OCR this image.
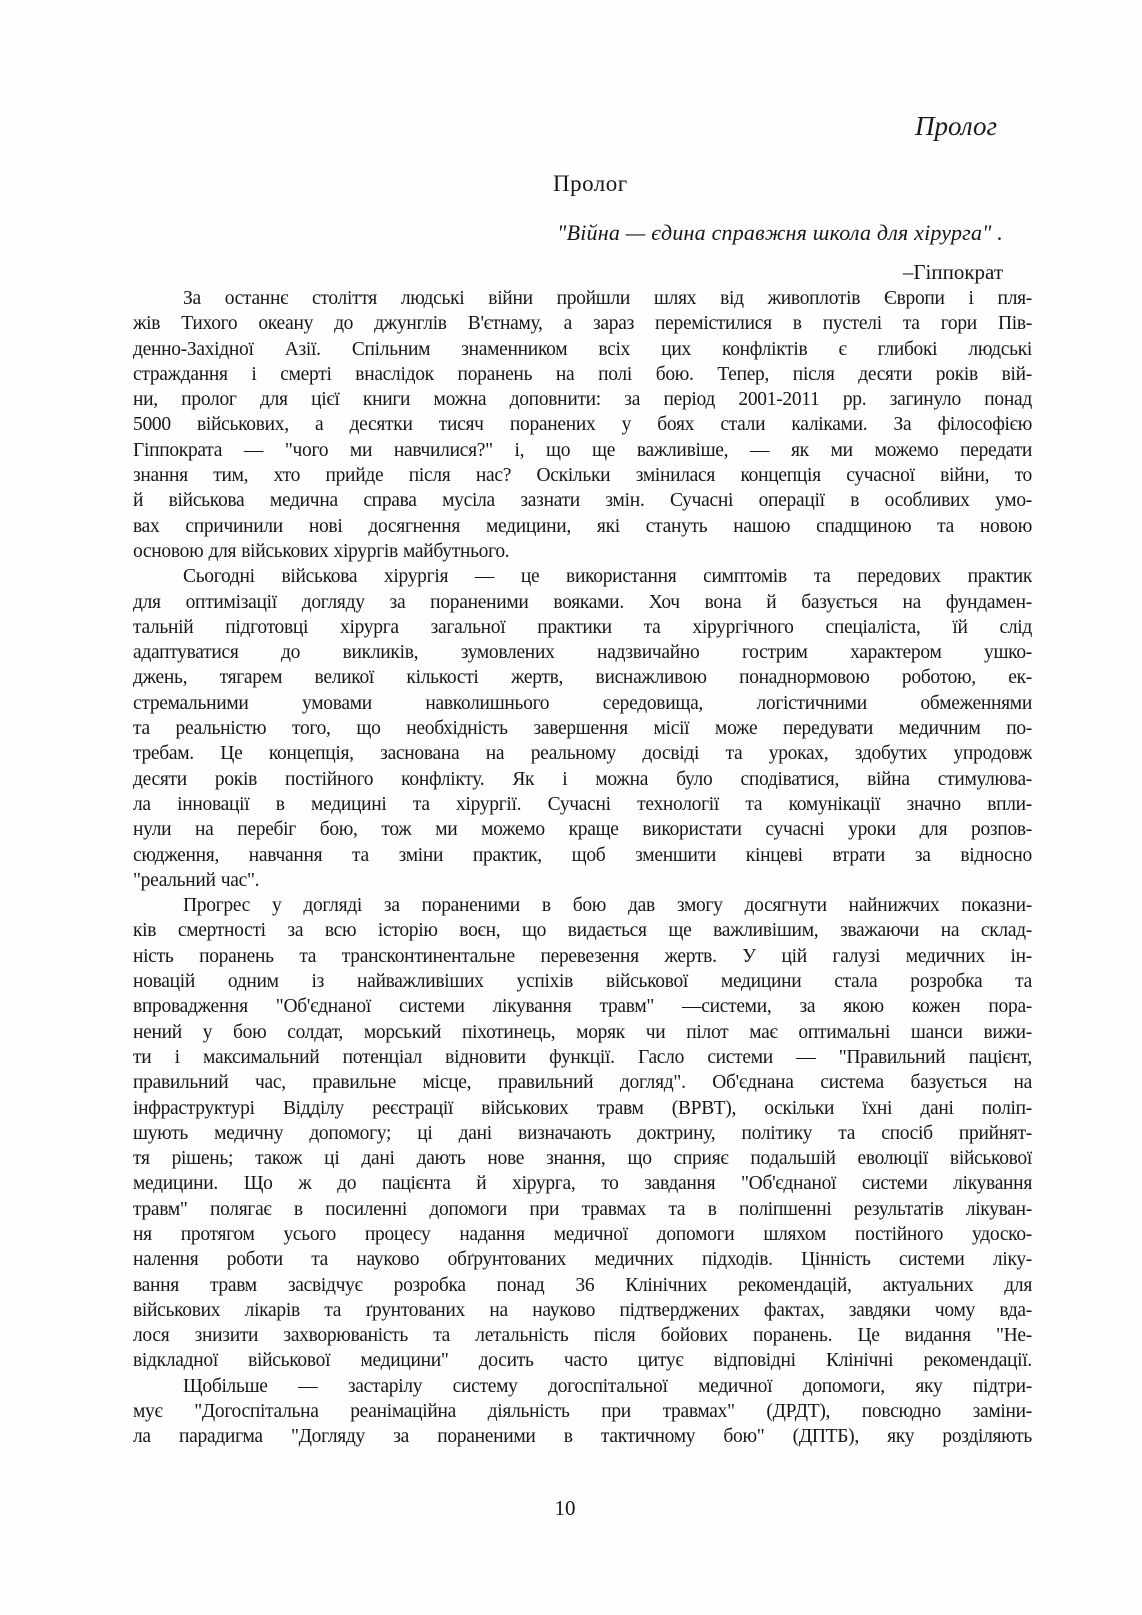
Пролог
Пролог
"Війна — єдина справжня школа для хірурга" .
–Гіппократ
За останнє століття людські війни пройшли шлях від живоплотів Європи і пля-
жів Тихого океану до джунглів В'єтнаму, а зараз перемістилися в пустелі та гори Пів-
денно-Західної Азії. Спільним знаменником всіх цих конфліктів є глибокі людські
страждання і смерті внаслідок поранень на полі бою. Тепер, після десяти років вій-
ни, пролог для цієї книги можна доповнити: за період 2001-2011 рр. загинуло понад
5000 військових, а десятки тисяч поранених у боях стали каліками. За філософією
Гіппократа — "чого ми навчилися?" і, що ще важливіше, — як ми можемо передати
знання тим, хто прийде після нас? Оскільки змінилася концепція сучасної війни, то
й військова медична справа мусіла зазнати змін. Сучасні операції в особливих умо-
вах спричинили нові досягнення медицини, які стануть нашою спадщиною та новою
основою для військових хірургів майбутнього.
Сьогодні військова хірургія — це використання симптомів та передових практик
для оптимізації догляду за пораненими вояками. Хоч вона й базується на фундамен-
тальній підготовці хірурга загальної практики та хірургічного спеціаліста, їй слід
адаптуватися до викликів, зумовлених надзвичайно гострим характером ушко-
джень, тягарем великої кількості жертв, виснажливою понаднормовою роботою, ек-
стремальними умовами навколишнього середовища, логістичними обмеженнями
та реальністю того, що необхідність завершення місії може передувати медичним по-
требам. Це концепція, заснована на реальному досвіді та уроках, здобутих упродовж
десяти років постійного конфлікту. Як і можна було сподіватися, війна стимулюва-
ла інновації в медицині та хірургії. Сучасні технології та комунікації значно впли-
нули на перебіг бою, тож ми можемо краще використати сучасні уроки для розпов-
сюдження, навчання та зміни практик, щоб зменшити кінцеві втрати за відносно
"реальний час".
Прогрес у догляді за пораненими в бою дав змогу досягнути найнижчих показни-
ків смертності за всю історію воєн, що видається ще важливішим, зважаючи на склад-
ність поранень та трансконтинентальне перевезення жертв. У цій галузі медичних ін-
новацій одним із найважливіших успіхів військової медицини стала розробка та
впровадження "Об'єднаної системи лікування травм" —системи, за якою кожен пора-
нений у бою солдат, морський піхотинець, моряк чи пілот має оптимальні шанси вижи-
ти і максимальний потенціал відновити функції. Гасло системи — "Правильний пацієнт,
правильний час, правильне місце, правильний догляд". Об'єднана система базується на
інфраструктурі Відділу реєстрації військових травм (ВРВТ), оскільки їхні дані поліп-
шують медичну допомогу; ці дані визначають доктрину, політику та спосіб прийнят-
тя рішень; також ці дані дають нове знання, що сприяє подальшій еволюції військової
медицини. Що ж до пацієнта й хірурга, то завдання "Об'єднаної системи лікування
травм" полягає в посиленні допомоги при травмах та в поліпшенні результатів лікуван-
ня протягом усього процесу надання медичної допомоги шляхом постійного удоско-
налення роботи та науково обґрунтованих медичних підходів. Цінність системи ліку-
вання травм засвідчує розробка понад 36 Клінічних рекомендацій, актуальних для
військових лікарів та ґрунтованих на науково підтверджених фактах, завдяки чому вда-
лося знизити захворюваність та летальність після бойових поранень. Це видання "Не-
відкладної військової медицини" досить часто цитує відповідні Клінічні рекомендації.
Щобільше — застарілу систему догоспітальної медичної допомоги, яку підтри-
мує "Догоспітальна реанімаційна діяльність при травмах" (ДРДТ), повсюдно заміни-
ла парадигма "Догляду за пораненими в тактичному бою" (ДПТБ), яку розділяють
10
